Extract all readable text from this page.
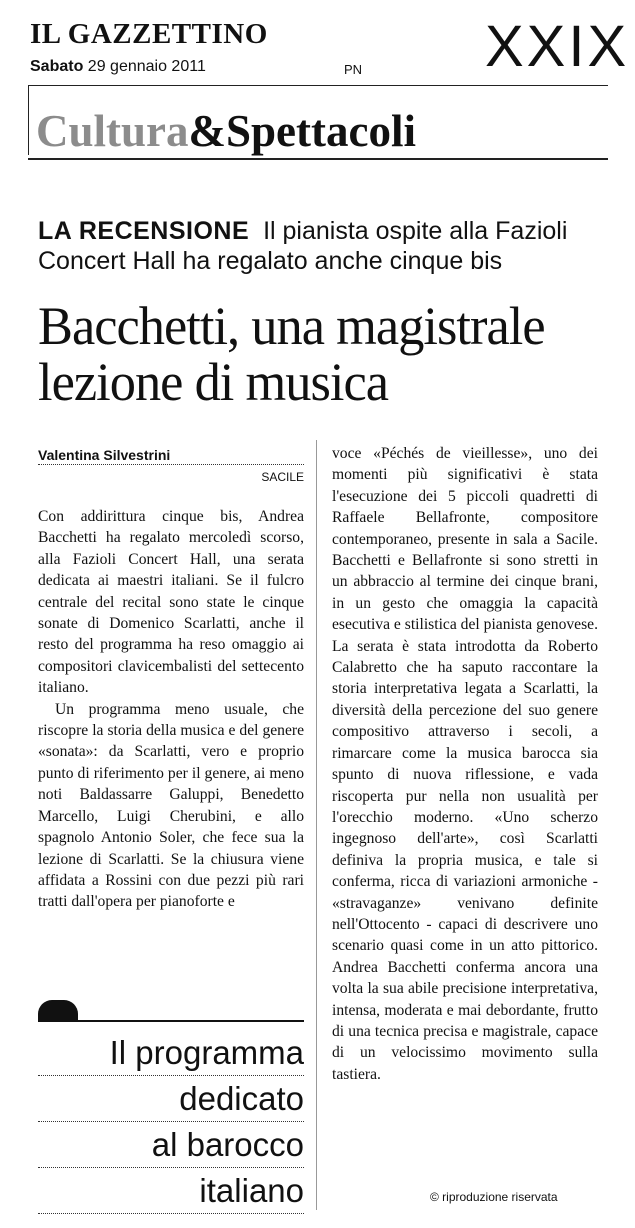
IL GAZZETTINO
Sabato 29 gennaio 2011	PN XXIX
Cultura&Spettacoli
LA RECENSIONE Il pianista ospite alla Fazioli Concert Hall ha regalato anche cinque bis
Bacchetti, una magistrale lezione di musica
Valentina Silvestrini
SACILE

Con addirittura cinque bis, Andrea Bacchetti ha regalato mercoledì scorso, alla Fazioli Concert Hall, una serata dedicata ai maestri italiani. Se il fulcro centrale del recital sono state le cinque sonate di Domenico Scarlatti, anche il resto del programma ha reso omaggio ai compositori clavicembalisti del settecento italiano.

Un programma meno usuale, che riscopre la storia della musica e del genere «sonata»: da Scarlatti, vero e proprio punto di riferimento per il genere, ai meno noti Baldassarre Galuppi, Benedetto Marcello, Luigi Cherubini, e allo spagnolo Antonio Soler, che fece sua la lezione di Scarlatti. Se la chiusura viene affidata a Rossini con due pezzi più rari tratti dall'opera per pianoforte e

voce «Péchés de vieillesse», uno dei momenti più significativi è stata l'esecuzione dei 5 piccoli quadretti di Raffaele Bellafronte, compositore contemporaneo, presente in sala a Sacile. Bacchetti e Bellafronte si sono stretti in un abbraccio al termine dei cinque brani, in un gesto che omaggia la capacità esecutiva e stilistica del pianista genovese. La serata è stata introdotta da Roberto Calabretto che ha saputo raccontare la storia interpretativa legata a Scarlatti, la diversità della percezione del suo genere compositivo attraverso i secoli, a rimarcare come la musica barocca sia spunto di nuova riflessione, e vada riscoperta pur nella non usualità per l'orecchio moderno. «Uno scherzo ingegnoso dell'arte», così Scarlatti definiva la propria musica, e tale si conferma, ricca di variazioni armoniche - «stravaganze» venivano definite nell'Ottocento - capaci di descrivere uno scenario quasi come in un atto pittorico. Andrea Bacchetti conferma ancora una volta la sua abile precisione interpretativa, intensa, moderata e mai debordante, frutto di una tecnica precisa e magistrale, capace di un velocissimo movimento sulla tastiera.

Il programma
dedicato
al barocco
italiano	© riproduzione riservata
